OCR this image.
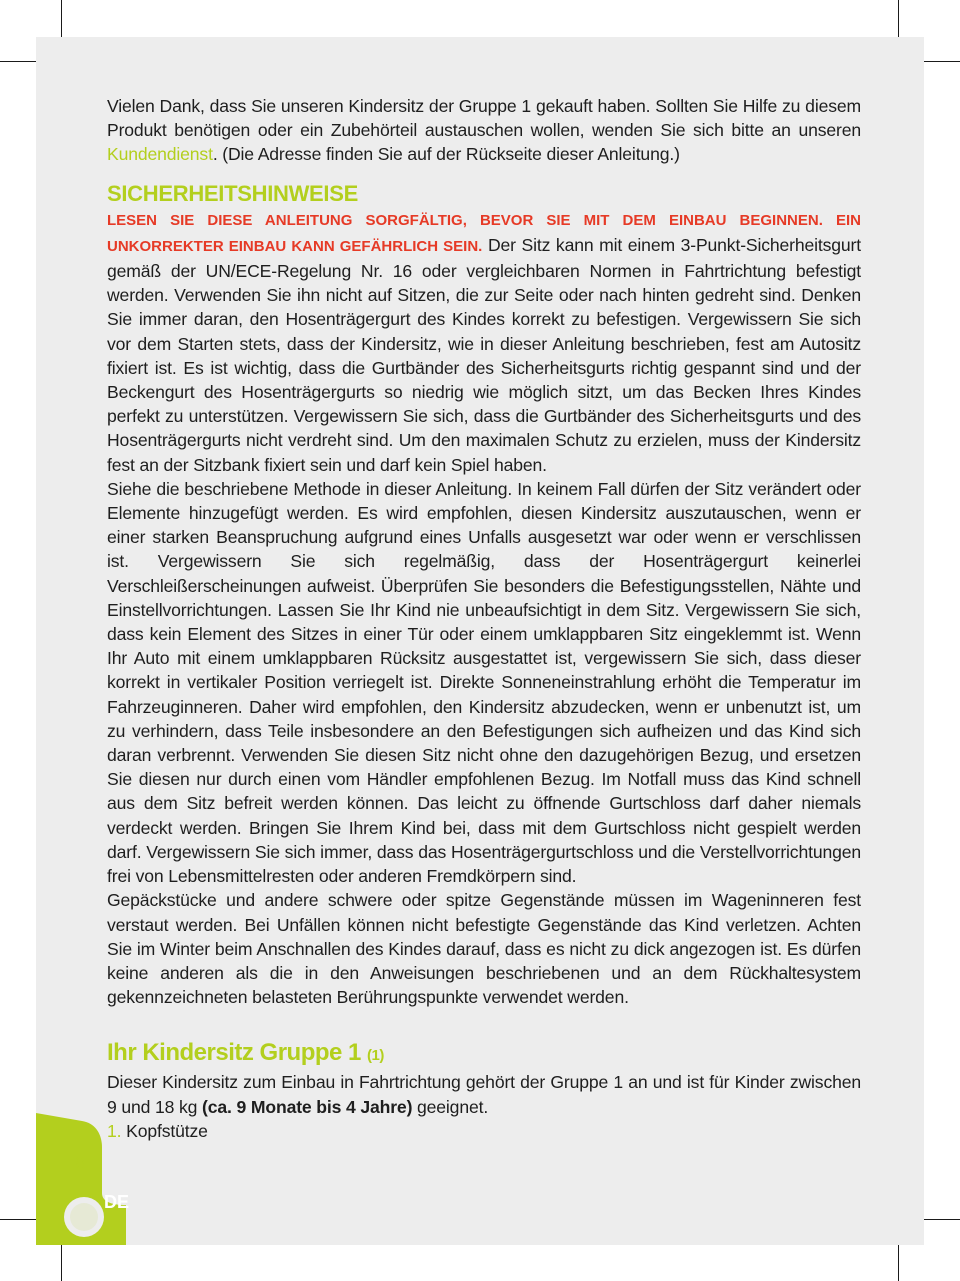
Vielen Dank, dass Sie unseren Kindersitz der Gruppe 1 gekauft haben. Sollten Sie Hilfe zu diesem Produkt benötigen oder ein Zubehörteil austauschen wollen, wenden Sie sich bitte an unseren Kundendienst. (Die Adresse finden Sie auf der Rückseite dieser Anleitung.)

SICHERHEITSHINWEISE

LESEN SIE DIESE ANLEITUNG SORGFÄLTIG, BEVOR SIE MIT DEM EINBAU BEGINNEN. EIN UNKORREKTER EINBAU KANN GEFÄHRLICH SEIN. Der Sitz kann mit einem 3-Punkt-Sicherheitsgurt gemäß der UN/ECE-Regelung Nr. 16 oder vergleichbaren Normen in Fahrtrichtung befestigt werden. Verwenden Sie ihn nicht auf Sitzen, die zur Seite oder nach hinten gedreht sind. Denken Sie immer daran, den Hosenträgergurt des Kindes korrekt zu befestigen. Vergewissern Sie sich vor dem Starten stets, dass der Kindersitz, wie in dieser Anleitung beschrieben, fest am Autositz fixiert ist. Es ist wichtig, dass die Gurtbänder des Sicherheitsgurts richtig gespannt sind und der Beckengurt des Hosenträgergurts so niedrig wie möglich sitzt, um das Becken Ihres Kindes perfekt zu unterstützen. Vergewissern Sie sich, dass die Gurtbänder des Sicherheitsgurts und des Hosenträgergurts nicht verdreht sind. Um den maximalen Schutz zu erzielen, muss der Kindersitz fest an der Sitzbank fixiert sein und darf kein Spiel haben.

Siehe die beschriebene Methode in dieser Anleitung. In keinem Fall dürfen der Sitz verändert oder Elemente hinzugefügt werden. Es wird empfohlen, diesen Kindersitz auszutauschen, wenn er einer starken Beanspruchung aufgrund eines Unfalls ausgesetzt war oder wenn er verschlissen ist. Vergewissern Sie sich regelmäßig, dass der Hosenträgergurt keinerlei Verschleißerscheinungen aufweist. Überprüfen Sie besonders die Befestigungsstellen, Nähte und Einstellvorrichtungen. Lassen Sie Ihr Kind nie unbeaufsichtigt in dem Sitz. Vergewissern Sie sich, dass kein Element des Sitzes in einer Tür oder einem umklappbaren Sitz eingeklemmt ist. Wenn Ihr Auto mit einem umklappbaren Rücksitz ausgestattet ist, vergewissern Sie sich, dass dieser korrekt in vertikaler Position verriegelt ist. Direkte Sonneneinstrahlung erhöht die Temperatur im Fahrzeuginneren. Daher wird empfohlen, den Kindersitz abzudecken, wenn er unbenutzt ist, um zu verhindern, dass Teile insbesondere an den Befestigungen sich aufheizen und das Kind sich daran verbrennt. Verwenden Sie diesen Sitz nicht ohne den dazugehörigen Bezug, und ersetzen Sie diesen nur durch einen vom Händler empfohlenen Bezug. Im Notfall muss das Kind schnell aus dem Sitz befreit werden können. Das leicht zu öffnende Gurtschloss darf daher niemals verdeckt werden. Bringen Sie Ihrem Kind bei, dass mit dem Gurtschloss nicht gespielt werden darf. Vergewissern Sie sich immer, dass das Hosenträgergurtschloss und die Verstellvorrichtungen frei von Lebensmittelresten oder anderen Fremdkörpern sind.

Gepäckstücke und andere schwere oder spitze Gegenstände müssen im Wageninneren fest verstaut werden. Bei Unfällen können nicht befestigte Gegenstände das Kind verletzen. Achten Sie im Winter beim Anschnallen des Kindes darauf, dass es nicht zu dick angezogen ist. Es dürfen keine anderen als die in den Anweisungen beschriebenen und an dem Rückhaltesystem gekennzeichneten belasteten Berührungspunkte verwendet werden.

Ihr Kindersitz Gruppe 1 (1)

Dieser Kindersitz zum Einbau in Fahrtrichtung gehört der Gruppe 1 an und ist für Kinder zwischen 9 und 18 kg (ca. 9 Monate bis 4 Jahre) geeignet.

1. Kopfstütze

8
DE
